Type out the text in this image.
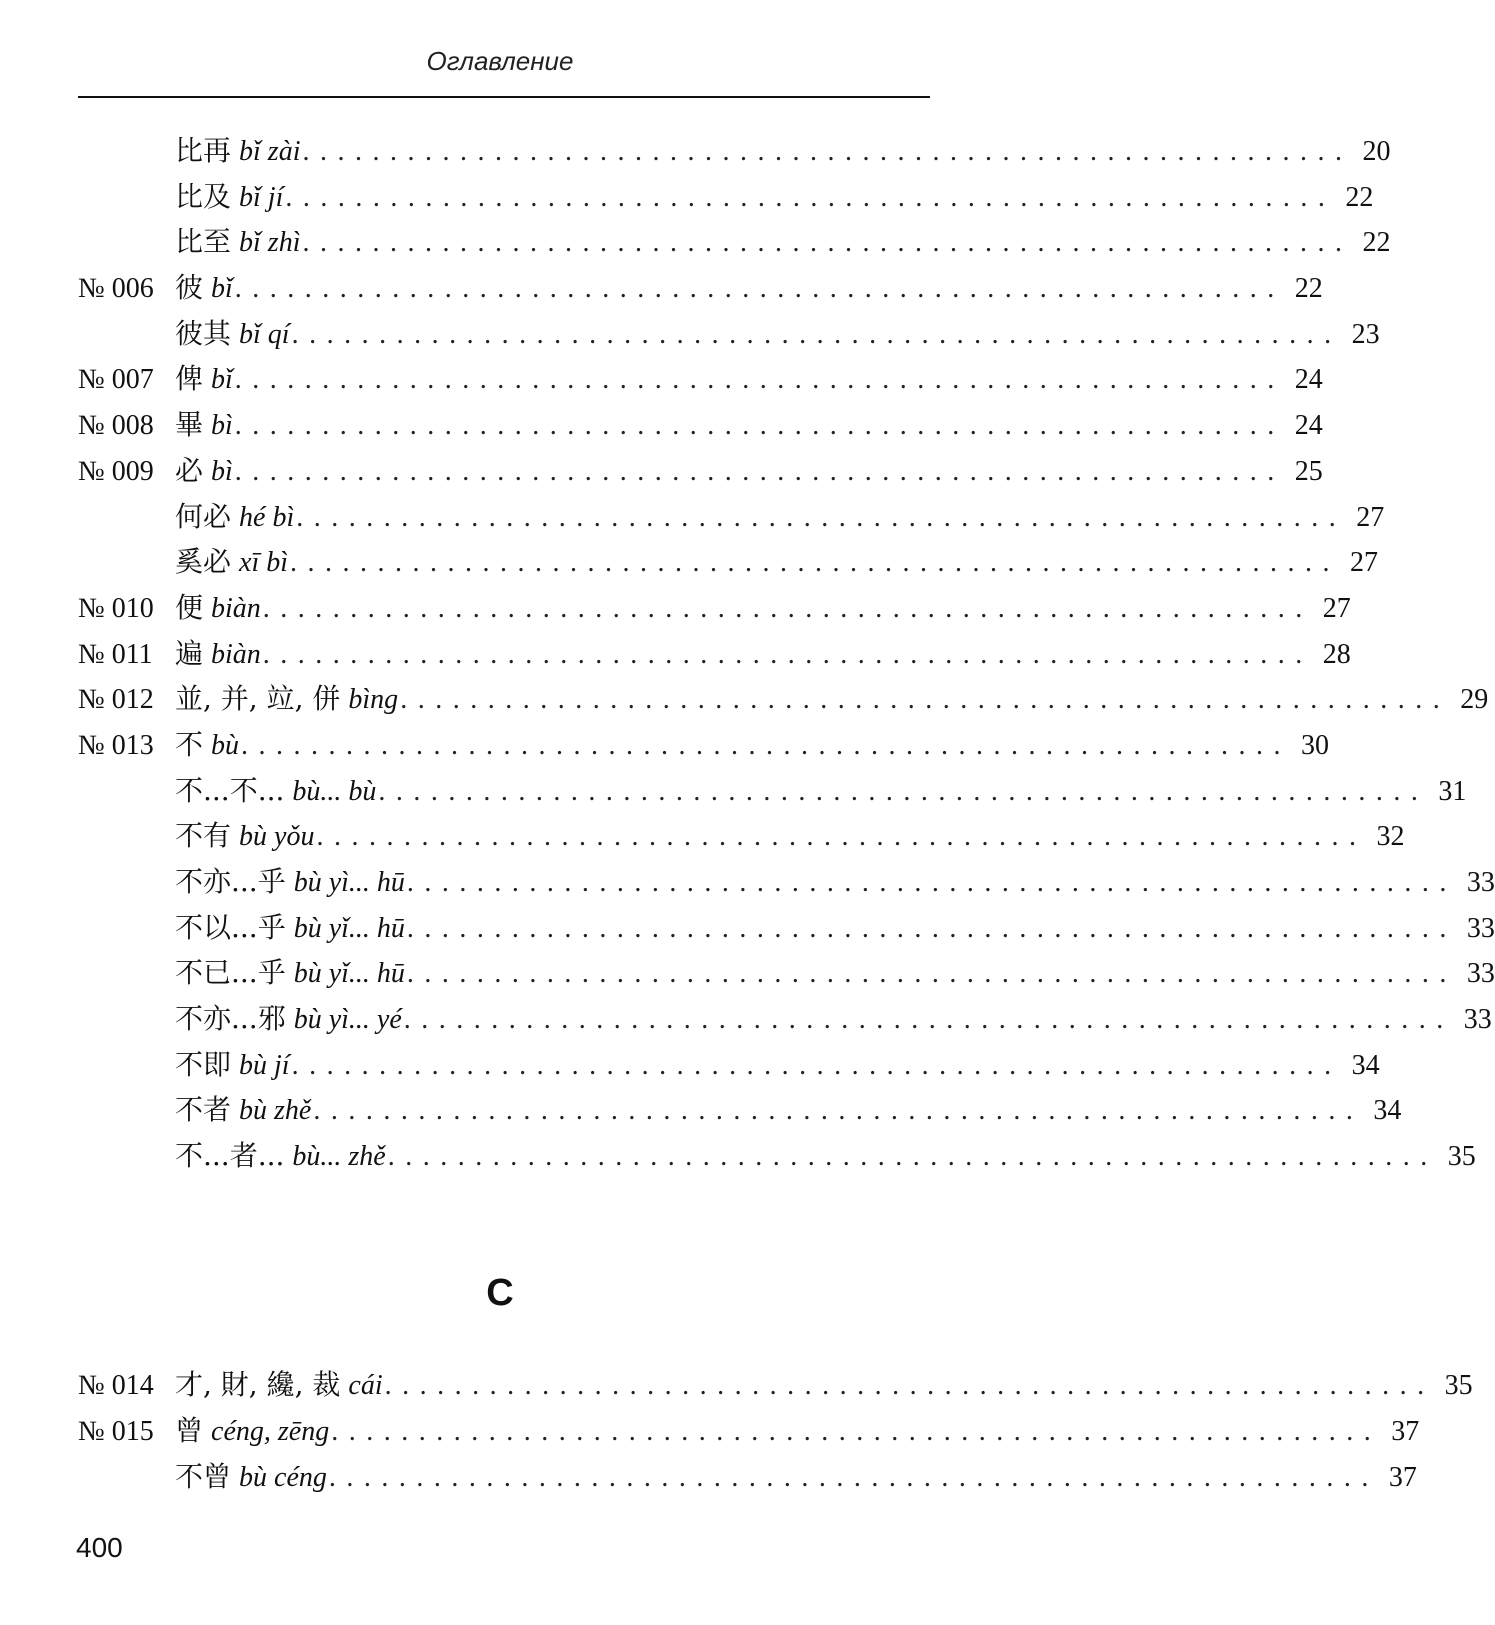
Оглавление
比再 bǐ zài ............................................................ 20
比及 bǐ jí ............................................................ 22
比至 bǐ zhì ............................................................ 22
№ 006 彼 bǐ ............................................................ 22
彼其 bǐ qí ............................................................ 23
№ 007 俾 bǐ ............................................................ 24
№ 008 畢 bì ............................................................ 24
№ 009 必 bì ............................................................ 25
何必 hé bì ............................................................ 27
奚必 xī bì ............................................................ 27
№ 010 便 biàn ............................................................ 27
№ 011 遍 biàn ............................................................ 28
№ 012 並, 并, 竝, 併 bìng ............................................................ 29
№ 013 不 bù ............................................................ 30
不...不... bù... bù ............................................................ 31
不有 bù yǒu ............................................................ 32
不亦...乎 bù yì... hū ............................................................ 33
不以...乎 bù yǐ... hū ............................................................ 33
不已...乎 bù yǐ... hū ............................................................ 33
不亦...邪 bù yì... yé ............................................................ 33
不即 bù jí ............................................................ 34
不者 bù zhě ............................................................ 34
不...者... bù... zhě ............................................................ 35
C
№ 014 才, 財, 纔, 裁 cái ............................................................ 35
№ 015 曾 céng, zēng ............................................................ 37
不曾 bù céng ............................................................ 37
400
